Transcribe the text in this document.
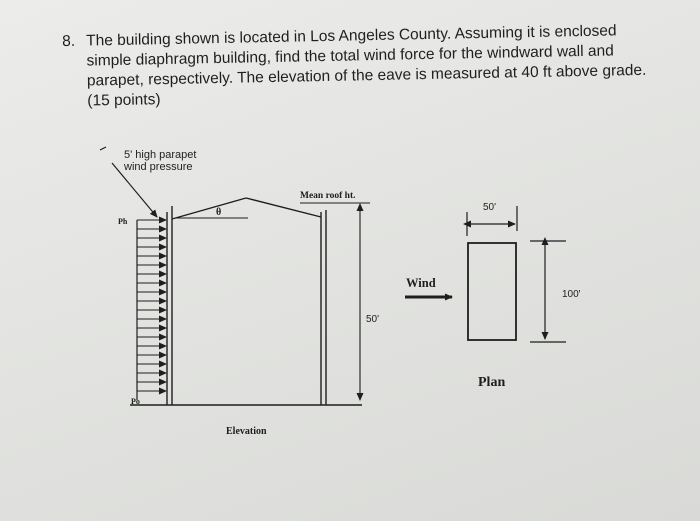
8. The building shown is located in Los Angeles County. Assuming it is enclosed simple diaphragm building, find the total wind force for the windward wall and parapet, respectively. The elevation of the eave is measured at 40 ft above grade. (15 points)
5' high parapet
wind pressure
θ
Mean roof ht.
50'
Ph
Po
Elevation
Wind
50'
100'
Plan
